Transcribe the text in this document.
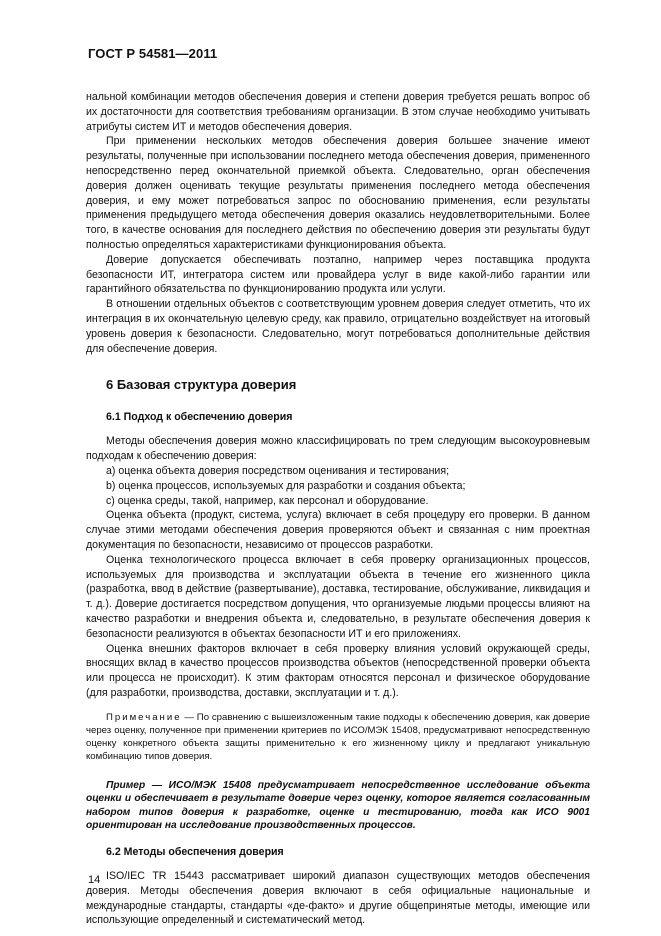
ГОСТ Р 54581—2011

нальной комбинации методов обеспечения доверия и степени доверия требуется решать вопрос об их достаточности для соответствия требованиям организации. В этом случае необходимо учитывать атрибуты систем ИТ и методов обеспечения доверия.

При применении нескольких методов обеспечения доверия большее значение имеют результаты, полученные при использовании последнего метода обеспечения доверия, примененного непосредственно перед окончательной приемкой объекта. Следовательно, орган обеспечения доверия должен оценивать текущие результаты применения последнего метода обеспечения доверия, и ему может потребоваться запрос по обоснованию применения, если результаты применения предыдущего метода обеспечения доверия оказались неудовлетворительными. Более того, в качестве основания для последнего действия по обеспечению доверия эти результаты будут полностью определяться характеристиками функционирования объекта.

Доверие допускается обеспечивать поэтапно, например через поставщика продукта безопасности ИТ, интегратора систем или провайдера услуг в виде какой-либо гарантии или гарантийного обязательства по функционированию продукта или услуги.

В отношении отдельных объектов с соответствующим уровнем доверия следует отметить, что их интеграция в их окончательную целевую среду, как правило, отрицательно воздействует на итоговый уровень доверия к безопасности. Следовательно, могут потребоваться дополнительные действия для обеспечение доверия.

6 Базовая структура доверия
6.1 Подход к обеспечению доверия

Методы обеспечения доверия можно классифицировать по трем следующим высокоуровневым подходам к обеспечению доверия:

a) оценка объекта доверия посредством оценивания и тестирования;

b) оценка процессов, используемых для разработки и создания объекта;

c) оценка среды, такой, например, как персонал и оборудование.

Оценка объекта (продукт, система, услуга) включает в себя процедуру его проверки. В данном случае этими методами обеспечения доверия проверяются объект и связанная с ним проектная документация по безопасности, независимо от процессов разработки.

Оценка технологического процесса включает в себя проверку организационных процессов, используемых для производства и эксплуатации объекта в течение его жизненного цикла (разработка, ввод в действие (развертывание), доставка, тестирование, обслуживание, ликвидация и т. д.). Доверие достигается посредством допущения, что организуемые людьми процессы влияют на качество разработки и внедрения объекта и, следовательно, в результате обеспечения доверия к безопасности реализуются в объектах безопасности ИТ и его приложениях.

Оценка внешних факторов включает в себя проверку влияния условий окружающей среды, вносящих вклад в качество процессов производства объектов (непосредственной проверки объекта или процесса не происходит). К этим факторам относятся персонал и физическое оборудование (для разработки, производства, доставки, эксплуатации и т. д.).

Примечание — По сравнению с вышеизложенным такие подходы к обеспечению доверия, как доверие через оценку, полученное при применении критериев по ИСО/МЭК 15408, предусматривают непосредственную оценку конкретного объекта защиты применительно к его жизненному циклу и предлагают уникальную комбинацию типов доверия.
Пример — ИСО/МЭК 15408 предусматривает непосредственное исследование объекта оценки и обеспечивает в результате доверие через оценку, которое является согласованным набором типов доверия к разработке, оценке и тестированию, тогда как ИСО 9001 ориентирован на исследование производственных процессов.
6.2 Методы обеспечения доверия

ISO/IEC TR 15443 рассматривает широкий диапазон существующих методов обеспечения доверия. Методы обеспечения доверия включают в себя официальные национальные и международные стандарты, стандарты «де-факто» и другие общепринятые методы, имеющие или использующие определенный и систематический метод.

14
